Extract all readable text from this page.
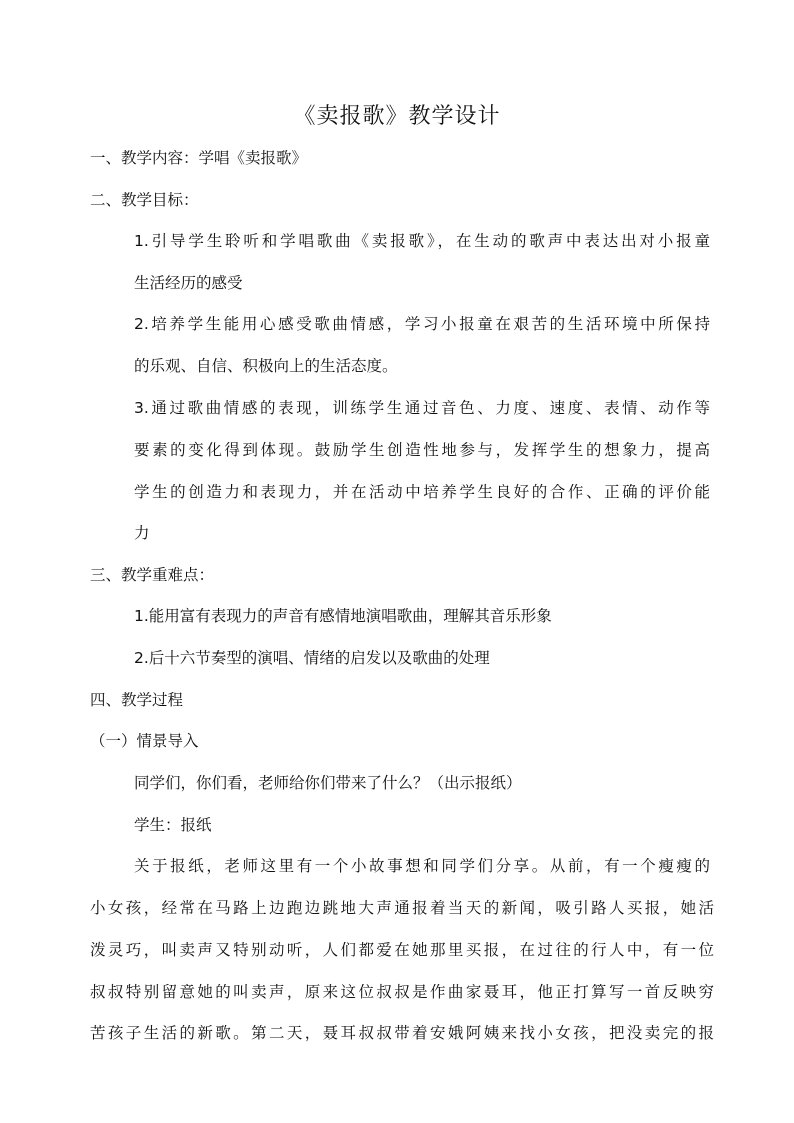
《卖报歌》教学设计
一、教学内容：学唱《卖报歌》
二、教学目标：
1.引导学生聆听和学唱歌曲《卖报歌》，在生动的歌声中表达出对小报童
生活经历的感受
2.培养学生能用心感受歌曲情感，学习小报童在艰苦的生活环境中所保持
的乐观、自信、积极向上的生活态度。
3.通过歌曲情感的表现，训练学生通过音色、力度、速度、表情、动作等
要素的变化得到体现。鼓励学生创造性地参与，发挥学生的想象力，提高
学生的创造力和表现力，并在活动中培养学生良好的合作、正确的评价能
力
三、教学重难点：
1.能用富有表现力的声音有感情地演唱歌曲，理解其音乐形象
2.后十六节奏型的演唱、情绪的启发以及歌曲的处理
四、教学过程
（一）情景导入
同学们，你们看，老师给你们带来了什么？（出示报纸）
学生：报纸
关于报纸，老师这里有一个小故事想和同学们分享。从前，有一个瘦瘦的
小女孩，经常在马路上边跑边跳地大声通报着当天的新闻，吸引路人买报，她活
泼灵巧，叫卖声又特别动听，人们都爱在她那里买报，在过往的行人中，有一位
叔叔特别留意她的叫卖声，原来这位叔叔是作曲家聂耳，他正打算写一首反映穷
苦孩子生活的新歌。第二天，聂耳叔叔带着安娥阿姨来找小女孩，把没卖完的报
